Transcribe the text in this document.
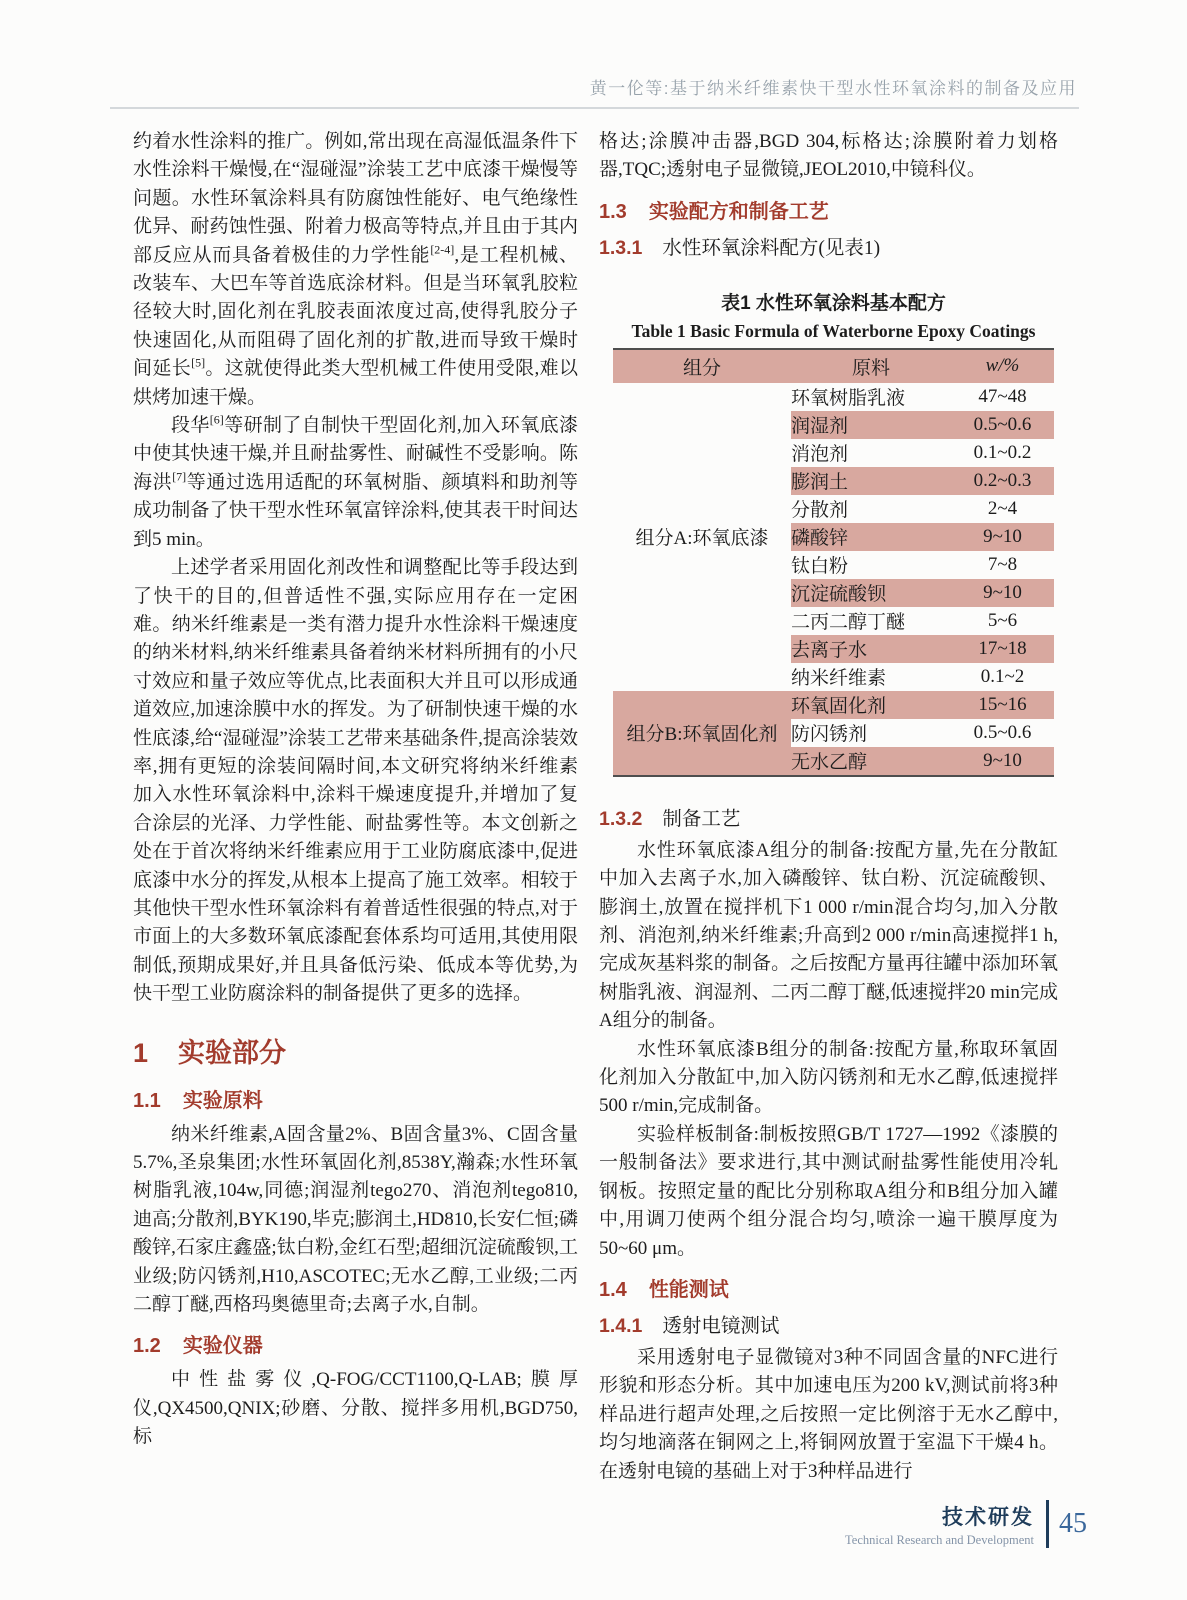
黄一伦等:基于纳米纤维素快干型水性环氧涂料的制备及应用

约着水性涂料的推广。例如,常出现在高湿低温条件下水性涂料干燥慢,在“湿碰湿”涂装工艺中底漆干燥慢等问题。水性环氧涂料具有防腐蚀性能好、电气绝缘性优异、耐药蚀性强、附着力极高等特点,并且由于其内部反应从而具备着极佳的力学性能[2-4],是工程机械、改装车、大巴车等首选底涂材料。但是当环氧乳胶粒径较大时,固化剂在乳胶表面浓度过高,使得乳胶分子快速固化,从而阻碍了固化剂的扩散,进而导致干燥时间延长[5]。这就使得此类大型机械工件使用受限,难以烘烤加速干燥。

段华[6]等研制了自制快干型固化剂,加入环氧底漆中使其快速干燥,并且耐盐雾性、耐碱性不受影响。陈海洪[7]等通过选用适配的环氧树脂、颜填料和助剂等成功制备了快干型水性环氧富锌涂料,使其表干时间达到5 min。

上述学者采用固化剂改性和调整配比等手段达到了快干的目的,但普适性不强,实际应用存在一定困难。纳米纤维素是一类有潜力提升水性涂料干燥速度的纳米材料,纳米纤维素具备着纳米材料所拥有的小尺寸效应和量子效应等优点,比表面积大并且可以形成通道效应,加速涂膜中水的挥发。为了研制快速干燥的水性底漆,给“湿碰湿”涂装工艺带来基础条件,提高涂装效率,拥有更短的涂装间隔时间,本文研究将纳米纤维素加入水性环氧涂料中,涂料干燥速度提升,并增加了复合涂层的光泽、力学性能、耐盐雾性等。本文创新之处在于首次将纳米纤维素应用于工业防腐底漆中,促进底漆中水分的挥发,从根本上提高了施工效率。相较于其他快干型水性环氧涂料有着普适性很强的特点,对于市面上的大多数环氧底漆配套体系均可适用,其使用限制低,预期成果好,并且具备低污染、低成本等优势,为快干型工业防腐涂料的制备提供了更多的选择。

1 实验部分
1.1 实验原料

纳米纤维素,A固含量2%、B固含量3%、C固含量5.7%,圣泉集团;水性环氧固化剂,8538Y,瀚森;水性环氧树脂乳液,104w,同德;润湿剂tego270、消泡剂tego810,迪高;分散剂,BYK190,毕克;膨润土,HD810,长安仁恒;磷酸锌,石家庄鑫盛;钛白粉,金红石型;超细沉淀硫酸钡,工业级;防闪锈剂,H10,ASCOTEC;无水乙醇,工业级;二丙二醇丁醚,西格玛奥德里奇;去离子水,自制。

1.2 实验仪器

中性盐雾仪,Q-FOG/CCT1100,Q-LAB;膜厚仪,QX4500,QNIX;砂磨、分散、搅拌多用机,BGD750,标

格达;涂膜冲击器,BGD 304,标格达;涂膜附着力划格器,TQC;透射电子显微镜,JEOL2010,中镜科仪。

1.3 实验配方和制备工艺
1.3.1 水性环氧涂料配方(见表1)
表1 水性环氧涂料基本配方
Table 1 Basic Formula of Waterborne Epoxy Coatings
组分	原料	w/%
组分A:环氧底漆	环氧树脂乳液	47~48
	润湿剂	0.5~0.6
	消泡剂	0.1~0.2
	膨润土	0.2~0.3
	分散剂	2~4
	磷酸锌	9~10
	钛白粉	7~8
	沉淀硫酸钡	9~10
	二丙二醇丁醚	5~6
	去离子水	17~18
	纳米纤维素	0.1~2
组分B:环氧固化剂	环氧固化剂	15~16
	防闪锈剂	0.5~0.6
	无水乙醇	9~10
1.3.2 制备工艺

水性环氧底漆A组分的制备:按配方量,先在分散缸中加入去离子水,加入磷酸锌、钛白粉、沉淀硫酸钡、膨润土,放置在搅拌机下1 000 r/min混合均匀,加入分散剂、消泡剂,纳米纤维素;升高到2 000 r/min高速搅拌1 h,完成灰基料浆的制备。之后按配方量再往罐中添加环氧树脂乳液、润湿剂、二丙二醇丁醚,低速搅拌20 min完成A组分的制备。

水性环氧底漆B组分的制备:按配方量,称取环氧固化剂加入分散缸中,加入防闪锈剂和无水乙醇,低速搅拌500 r/min,完成制备。

实验样板制备:制板按照GB/T 1727—1992《漆膜的一般制备法》要求进行,其中测试耐盐雾性能使用冷轧钢板。按照定量的配比分别称取A组分和B组分加入罐中,用调刀使两个组分混合均匀,喷涂一遍干膜厚度为50~60 μm。

1.4 性能测试
1.4.1 透射电镜测试

采用透射电子显微镜对3种不同固含量的NFC进行形貌和形态分析。其中加速电压为200 kV,测试前将3种样品进行超声处理,之后按照一定比例溶于无水乙醇中,均匀地滴落在铜网之上,将铜网放置于室温下干燥4 h。在透射电镜的基础上对于3种样品进行

技术研发
Technical Research and Development
45
